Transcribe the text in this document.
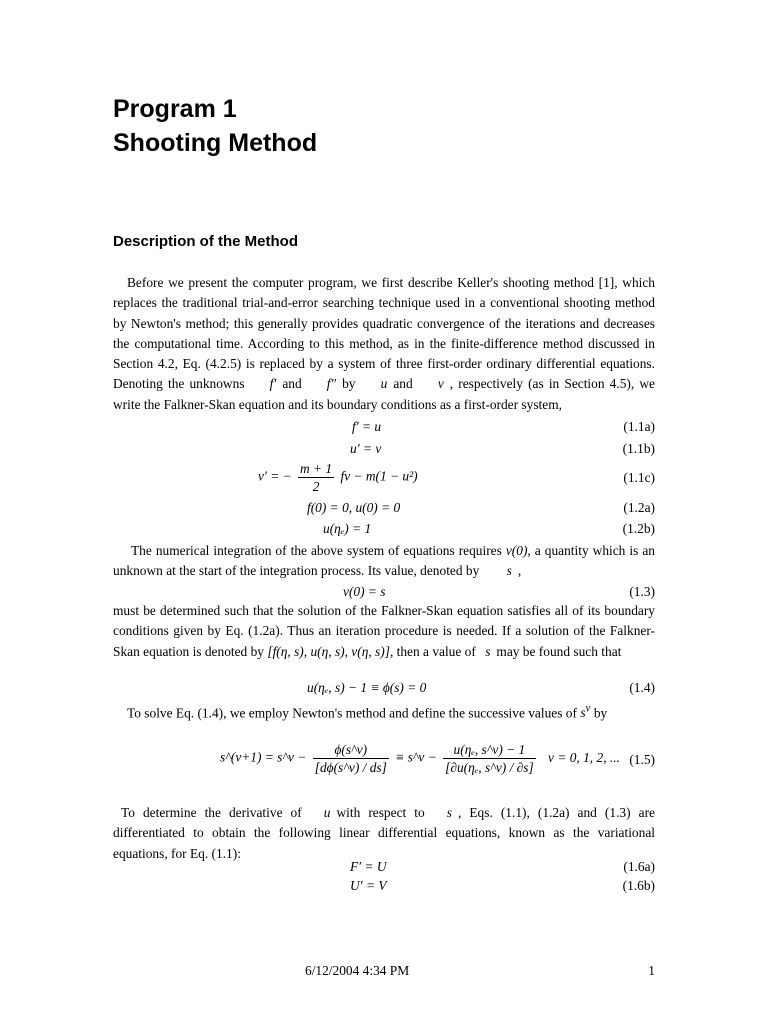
Program 1
Shooting Method
Description of the Method
Before we present the computer program, we first describe Keller's shooting method [1], which replaces the traditional trial-and-error searching technique used in a conventional shooting method by Newton's method; this generally provides quadratic convergence of the iterations and decreases the computational time. According to this method, as in the finite-difference method discussed in Section 4.2, Eq. (4.2.5) is replaced by a system of three first-order ordinary differential equations. Denoting the unknowns f′ and f″ by u and v , respectively (as in Section 4.5), we write the Falkner-Skan equation and its boundary conditions as a first-order system,
f′ = u	(1.1a)
u′ = v	(1.1b)
v′ = − $\frac{m + 1}{2}$ fv − m(1 − u²)	(1.1c)
f(0) = 0, u(0) = 0	(1.2a)
u(ηₑ) = 1	(1.2b)
The numerical integration of the above system of equations requires v(0), a quantity which is an unknown at the start of the integration process. Its value, denoted by s ,
v(0) = s	(1.3)
must be determined such that the solution of the Falkner-Skan equation satisfies all of its boundary conditions given by Eq. (1.2a). Thus an iteration procedure is needed. If a solution of the Falkner-Skan equation is denoted by [f(η, s), u(η, s), v(η, s)], then a value of s may be found such that
u(ηₑ, s) − 1 ≡ ϕ(s) = 0	(1.4)
To solve Eq. (1.4), we employ Newton's method and define the successive values of $s^\nu$ by
s^(ν+1) = s^ν − $\frac{\phi(s\^{}\nu)}{[d\phi(s\^{}\nu) / ds]}$ ≡ s^ν − $\frac{\text{u(ηₑ, s\textasciicircum{}ν) − 1}}{\text{[∂u(ηₑ, s\textasciicircum{}ν) / ∂s]}}$ ν = 0, 1, 2, ... (1.5)
To determine the derivative of u with respect to s , Eqs. (1.1), (1.2a) and (1.3) are differentiated to obtain the following linear differential equations, known as the variational equations, for Eq. (1.1):
F′ = U	(1.6a)
U′ = V	(1.6b)
6/12/2004 4:34 PM	1
